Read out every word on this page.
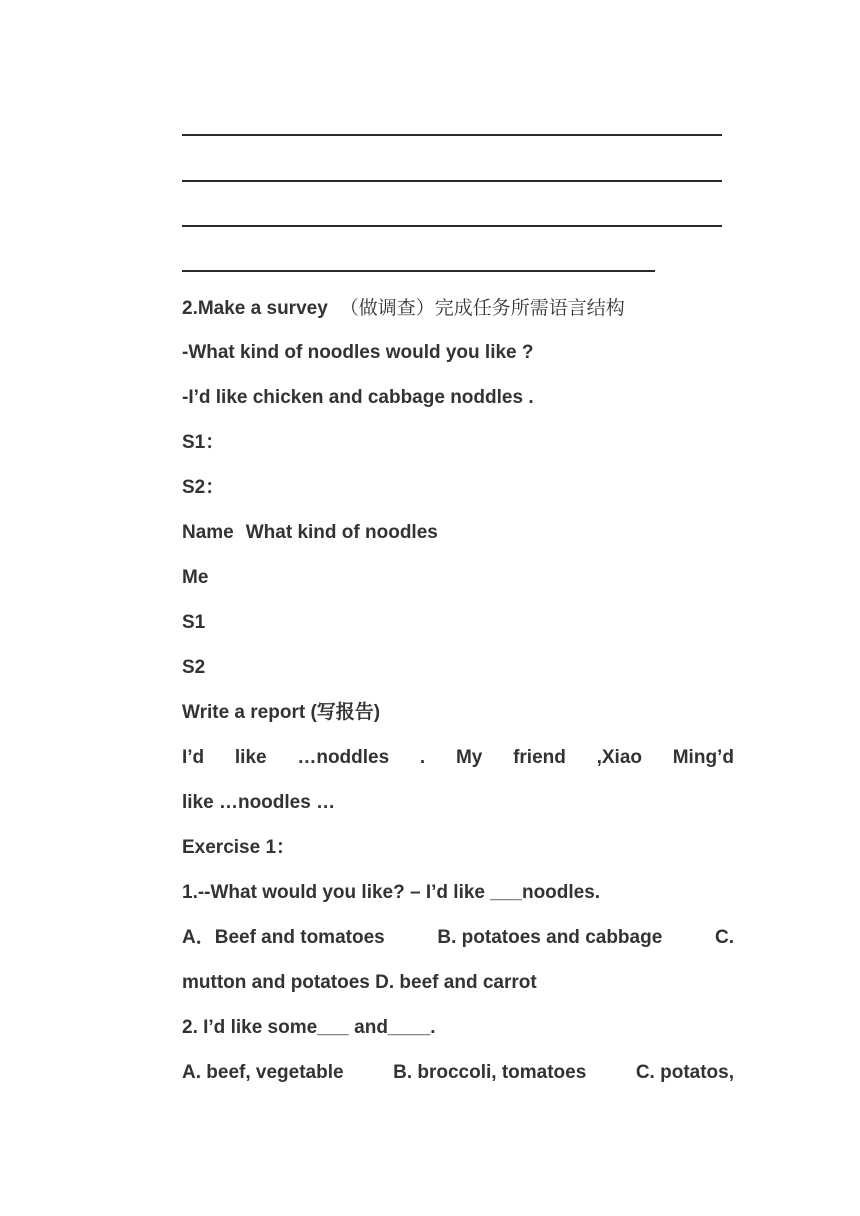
2.Make a survey （做调查）完成任务所需语言结构
-What kind of noodles would you like ?
-I’d like chicken and cabbage noddles .
S1：
S2：
Name What kind of noodles
Me
S1
S2
Write a report (写报告)
I’d like …noddles . My friend ,Xiao Ming’d
like …noodles …
Exercise 1：
1.--What would you like? – I’d like ___noodles.
A．Beef and tomatoes	B. potatoes and cabbage	C.
mutton and potatoes D. beef and carrot
2. I’d like some___ and____.
A. beef, vegetable	B. broccoli, tomatoes	C. potatos,
